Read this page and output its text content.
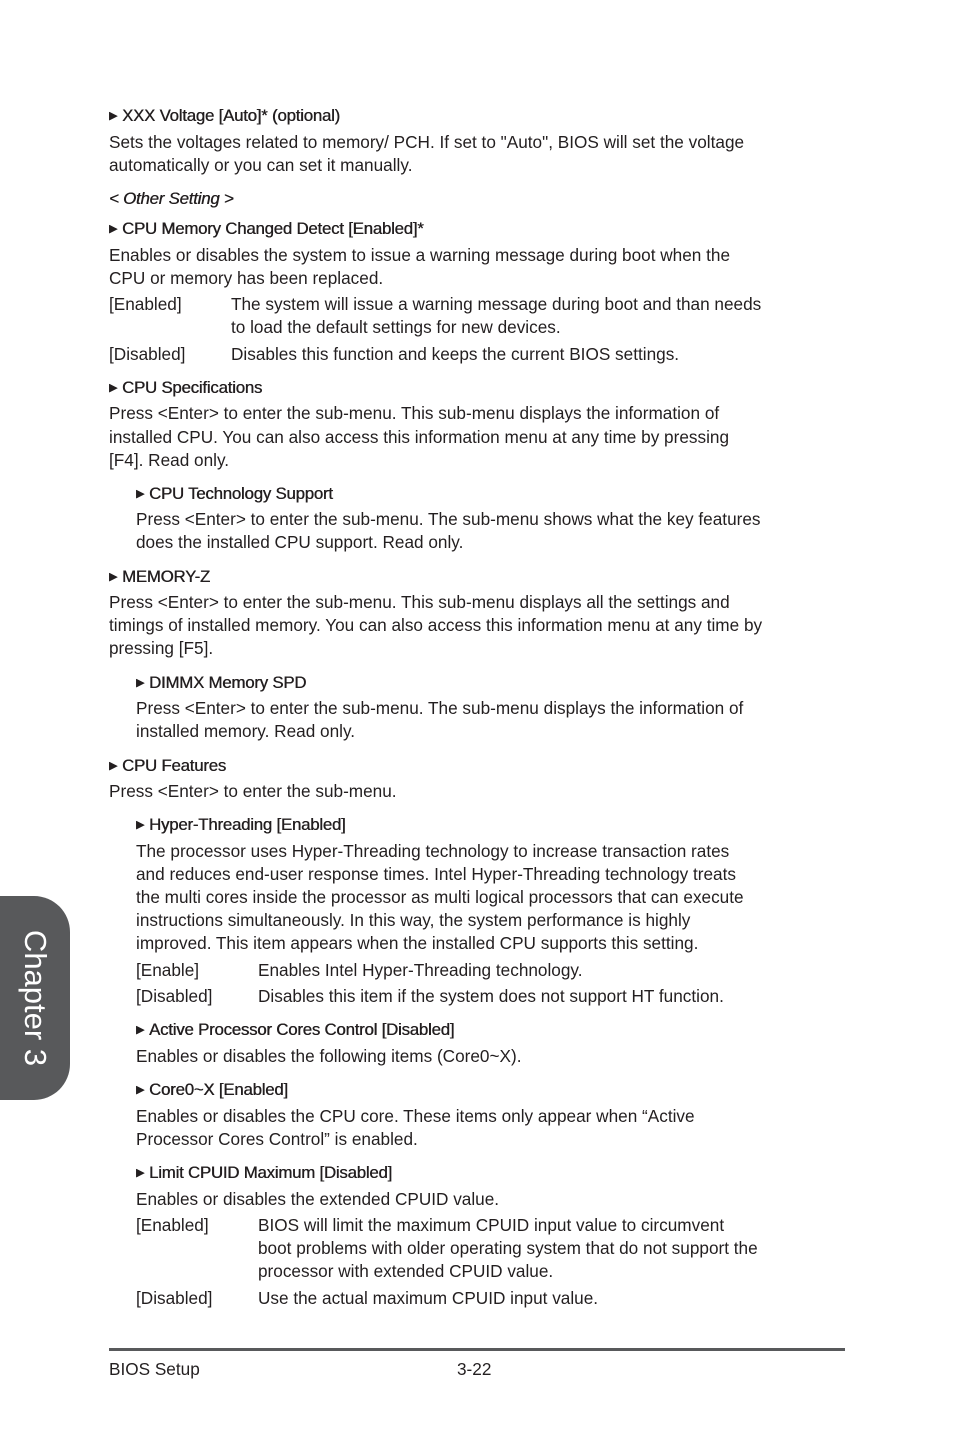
▶ XXX Voltage [Auto]* (optional)

Sets the voltages related to memory/ PCH. If set to "Auto", BIOS will set the voltage

automatically or you can set it manually.

< Other Setting >

▶ CPU Memory Changed Detect [Enabled]*

Enables or disables the system to issue a warning message during boot when the

CPU or memory has been replaced.

[Enabled]	The system will issue a warning message during boot and than needs

to load the default settings for new devices.

[Disabled]	Disables this function and keeps the current BIOS settings.

▶ CPU Specifications

Press <Enter> to enter the sub-menu. This sub-menu displays the information of

installed CPU. You can also access this information menu at any time by pressing

[F4]. Read only.

▶ CPU Technology Support

Press <Enter> to enter the sub-menu. The sub-menu shows what the key features

does the installed CPU support. Read only.

▶ MEMORY-Z

Press <Enter> to enter the sub-menu. This sub-menu displays all the settings and

timings of installed memory. You can also access this information menu at any time by

pressing [F5].

▶ DIMMX Memory SPD

Press <Enter> to enter the sub-menu. The sub-menu displays the information of

installed memory. Read only.

▶ CPU Features

Press <Enter> to enter the sub-menu.

▶ Hyper-Threading [Enabled]

The processor uses Hyper-Threading technology to increase transaction rates

and reduces end-user response times. Intel Hyper-Threading technology treats

the multi cores inside the processor as multi logical processors that can execute

instructions simultaneously. In this way, the system performance is highly

improved. This item appears when the installed CPU supports this setting.

[Enable]	Enables Intel Hyper-Threading technology.

[Disabled]	Disables this item if the system does not support HT function.

▶ Active Processor Cores Control [Disabled]

Enables or disables the following items (Core0~X).

▶ Core0~X [Enabled]

Enables or disables the CPU core. These items only appear when “Active

Processor Cores Control” is enabled.

▶ Limit CPUID Maximum [Disabled]

Enables or disables the extended CPUID value.

[Enabled]	BIOS will limit the maximum CPUID input value to circumvent

boot problems with older operating system that do not support the

processor with extended CPUID value.

[Disabled]	Use the actual maximum CPUID input value.

BIOS Setup	3-22

Chapter 3
